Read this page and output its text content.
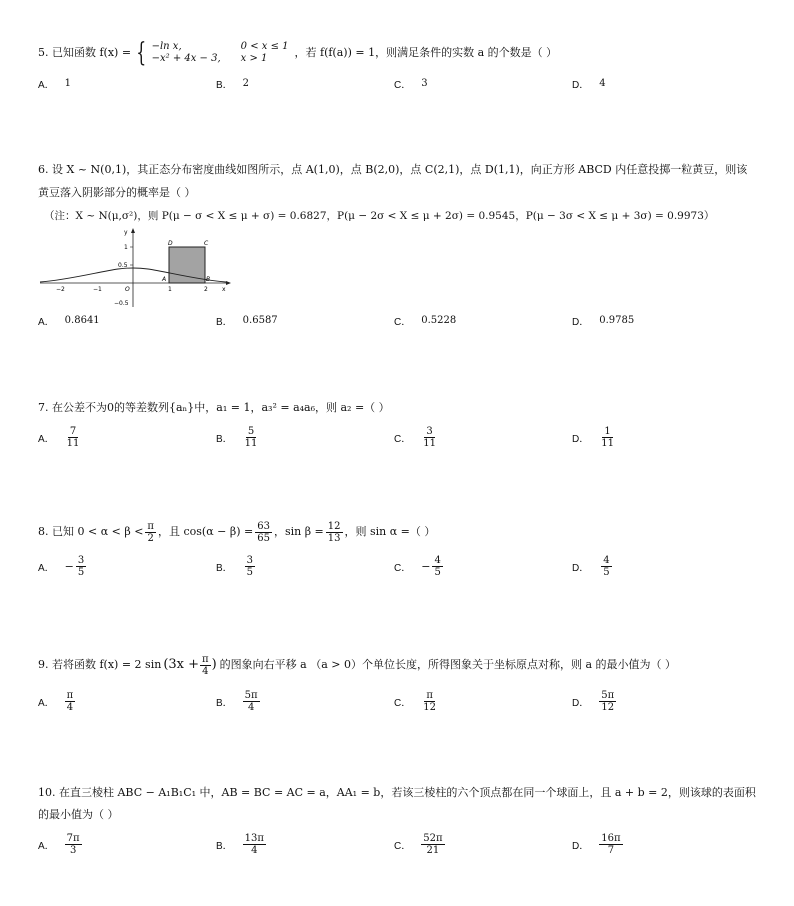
5. 已知函数 f(x) = { −ln x,	0 < x ≤ 1
−x² + 4x − 3, x > 1	，若 f(f(a)) = 1，则满足条件的实数 a 的个数是（ ）
A． 1	B． 2	C． 3	D． 4
6. 设 X ~ N(0,1)，其正态分布密度曲线如图所示，点 A(1,0)，点 B(2,0)，点 C(2,1)，点 D(1,1)，向正方形 ABCD 内任意投掷一粒黄豆，则该
黄豆落入阴影部分的概率是（ ）
（注：X ~ N(μ,σ²)，则 P(μ − σ < X ≤ μ + σ) = 0.6827，P(μ − 2σ < X ≤ μ + 2σ) = 0.9545，P(μ − 3σ < X ≤ μ + 3σ) = 0.9973）
y
x
1
0.5
−0.5
−2	−1	O	1	2
A	B
C
D
A． 0.8641	B． 0.6587	C． 0.5228	D． 0.9785
7. 在公差不为0的等差数列{aₙ}中，a₁ = 1，a₃² = a₄a₆，则 a₂ =（ ）
A． $\frac{7}{11}$	B． $\frac{5}{11}$	C． $\frac{3}{11}$	D． $\frac{1}{11}$
8. 已知 $0 < \alpha < \beta < \frac{\pi}{2}$ ，且 $\cos(\alpha - \beta) = \frac{63}{65}$ ，$\sin \beta = \frac{12}{13}$ ，则 sin α =（ ）
A． − $\frac{3}{5}$	B． $\frac{3}{5}$	C． − $\frac{4}{5}$	D． $\frac{4}{5}$
9. 若将函数 f(x) = 2 $\sin (3x + \frac{\pi}{4}$ ) 的图象向右平移 a （a > 0）个单位长度，所得图象关于坐标原点对称，则 a 的最小值为（ ）
A． $\frac{\pi}{4}$	B． $\frac{5\pi}{4}$	C． $\frac{\pi}{12}$	D． $\frac{5\pi}{12}$
10. 在直三棱柱 ABC − A₁B₁C₁ 中，AB = BC = AC = a，AA₁ = b，若该三棱柱的六个顶点都在同一个球面上，且 a + b = 2，则该球的表面积
的最小值为（ ）
A． $\frac{7\pi}{3}$	B． $\frac{13\pi}{4}$	C． $\frac{52\pi}{21}$	D． $\frac{16\pi}{7}$
